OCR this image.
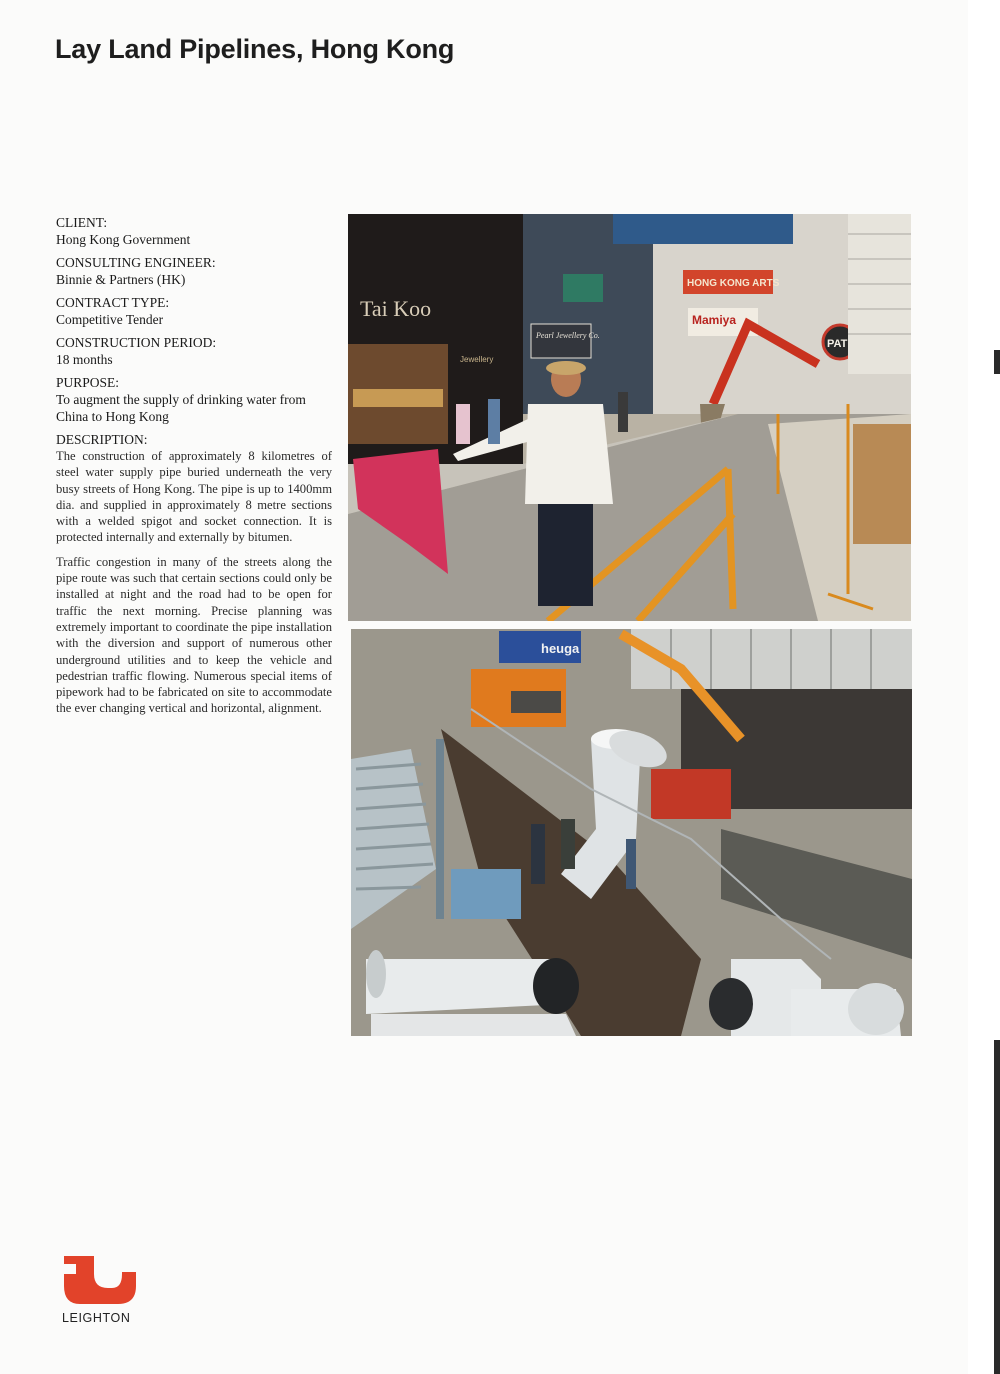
Lay Land Pipelines, Hong Kong
CLIENT:
Hong Kong Government
CONSULTING ENGINEER:
Binnie & Partners (HK)
CONTRACT TYPE:
Competitive Tender
CONSTRUCTION PERIOD:
18 months
PURPOSE:
To augment the supply of drinking water from China to Hong Kong
DESCRIPTION:

The construction of approximately 8 kilometres of steel water supply pipe buried underneath the very busy streets of Hong Kong. The pipe is up to 1400mm dia. and supplied in approximately 8 metre sections with a welded spigot and socket connection. It is protected internally and externally by bitumen.

Traffic congestion in many of the streets along the pipe route was such that certain sections could only be installed at night and the road had to be open for traffic the next morning. Precise planning was extremely important to coordinate the pipe installation with the diversion and support of numerous other underground utilities and to keep the vehicle and pedestrian traffic flowing. Numerous special items of pipework had to be fabricated on site to accommodate the ever changing vertical and horizontal, alignment.

Tai Koo
Jewellery
Pearl Jewellery Co.
HONG KONG ARTS
Mamiya
PAT
heuga
LEIGHTON
